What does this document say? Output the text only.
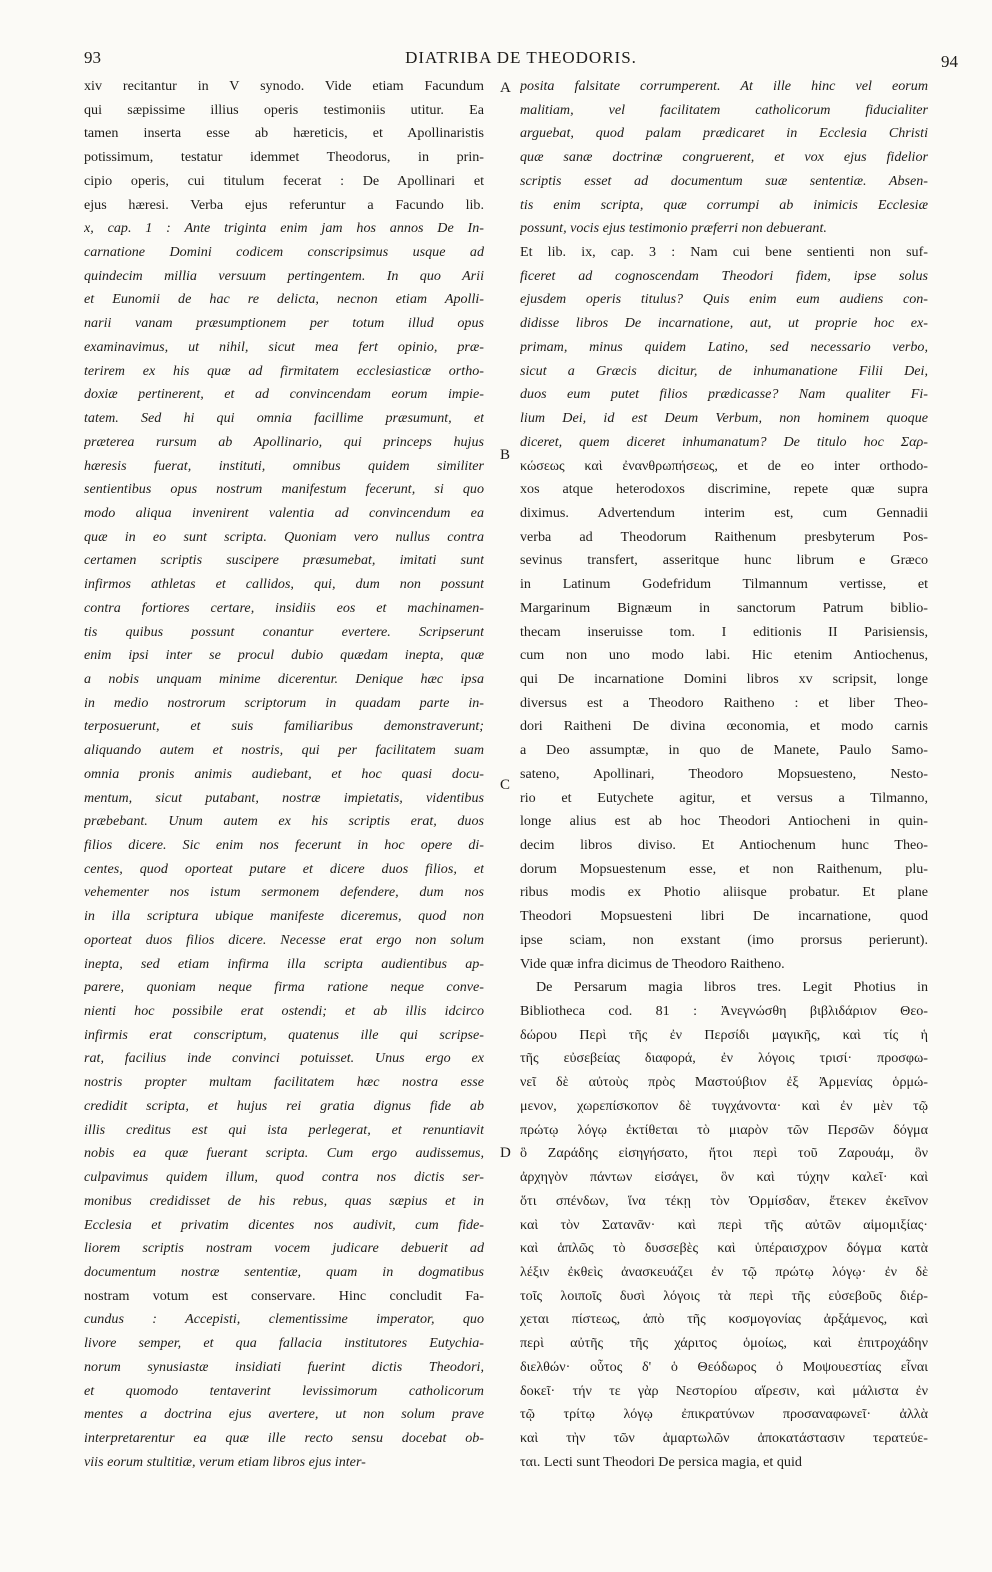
93	DIATRIBA DE THEODORIS.	94
xiv recitantur in V synodo. Vide etiam Facundum
qui sæpissime illius operis testimoniis utitur. Ea
tamen inserta esse ab hæreticis, et Apollinaristis
potissimum, testatur idemmet Theodorus, in prin-
cipio operis, cui titulum fecerat : De Apollinari et
ejus hæresi. Verba ejus referuntur a Facundo lib.
x, cap. 1 : Ante triginta enim jam hos annos De In-
carnatione Domini codicem conscripsimus usque ad
quindecim millia versuum pertingentem. In quo Arii
et Eunomii de hac re delicta, necnon etiam Apolli-
narii vanam præsumptionem per totum illud opus
examinavimus, ut nihil, sicut mea fert opinio, præ-
terirem ex his quæ ad firmitatem ecclesiasticæ ortho-
doxiæ pertinerent, et ad convincendam eorum impie-
tatem. Sed hi qui omnia facillime præsumunt, et
præterea rursum ab Apollinario, qui princeps hujus
hæresis fuerat, instituti, omnibus quidem similiter
sentientibus opus nostrum manifestum fecerunt, si quo
modo aliqua invenirent valentia ad convincendum ea
quæ in eo sunt scripta. Quoniam vero nullus contra
certamen scriptis suscipere præsumebat, imitati sunt
infirmos athletas et callidos, qui, dum non possunt
contra fortiores certare, insidiis eos et machinamen-
tis quibus possunt conantur evertere. Scripserunt
enim ipsi inter se procul dubio quædam inepta, quæ
a nobis unquam minime dicerentur. Denique hæc ipsa
in medio nostrorum scriptorum in quadam parte in-
terposuerunt, et suis familiaribus demonstraverunt;
aliquando autem et nostris, qui per facilitatem suam
omnia pronis animis audiebant, et hoc quasi docu-
mentum, sicut putabant, nostræ impietatis, videntibus
præbebant. Unum autem ex his scriptis erat, duos
filios dicere. Sic enim nos fecerunt in hoc opere di-
centes, quod oporteat putare et dicere duos filios, et
vehementer nos istum sermonem defendere, dum nos
in illa scriptura ubique manifeste diceremus, quod non
oporteat duos filios dicere. Necesse erat ergo non solum
inepta, sed etiam infirma illa scripta audientibus ap-
parere, quoniam neque firma ratione neque conve-
nienti hoc possibile erat ostendi; et ab illis idcirco
infirmis erat conscriptum, quatenus ille qui scripse-
rat, facilius inde convinci potuisset. Unus ergo ex
nostris propter multam facilitatem hæc nostra esse
credidit scripta, et hujus rei gratia dignus fide ab
illis creditus est qui ista perlegerat, et renuntiavit
nobis ea quæ fuerant scripta. Cum ergo audissemus,
culpavimus quidem illum, quod contra nos dictis ser-
monibus credidisset de his rebus, quas sæpius et in
Ecclesia et privatim dicentes nos audivit, cum fide-
liorem scriptis nostram vocem judicare debuerit ad
documentum nostræ sententiæ, quam in dogmatibus
nostram votum est conservare. Hinc concludit Fa-
cundus : Accepisti, clementissime imperator, quo
livore semper, et qua fallacia institutores Eutychia-
norum synusiastæ insidiati fuerint dictis Theodori,
et quomodo tentaverint levissimorum catholicorum
mentes a doctrina ejus avertere, ut non solum prave
interpretarentur ea quæ ille recto sensu docebat ob-
viis eorum stultitiæ, verum etiam libros ejus inter-
posita falsitate corrumperent. At ille hinc vel eorum
malitiam, vel facilitatem catholicorum fiducialiter
arguebat, quod palam prædicaret in Ecclesia Christi
quæ sanæ doctrinæ congruerent, et vox ejus fidelior
scriptis esset ad documentum suæ sententiæ. Absen-
tis enim scripta, quæ corrumpi ab inimicis Ecclesiæ
possunt, vocis ejus testimonio præferri non debuerant.
Et lib. ix, cap. 3 : Nam cui bene sentienti non suf-
ficeret ad cognoscendam Theodori fidem, ipse solus
ejusdem operis titulus? Quis enim eum audiens con-
didisse libros De incarnatione, aut, ut proprie hoc ex-
primam, minus quidem Latino, sed necessario verbo,
sicut a Græcis dicitur, de inhumanatione Filii Dei,
duos eum putet filios prædicasse? Nam qualiter Fi-
lium Dei, id est Deum Verbum, non hominem quoque
diceret, quem diceret inhumanatum? De titulo hoc Σαρ-
κώσεως καὶ ἐνανθρωπήσεως, et de eo inter orthodo-
xos atque heterodoxos discrimine, repete quæ supra
diximus. Advertendum interim est, cum Gennadii
verba ad Theodorum Raithenum presbyterum Pos-
sevinus transfert, asseritque hunc librum e Græco
in Latinum Godefridum Tilmannum vertisse, et
Margarinum Bignæum in sanctorum Patrum biblio-
thecam inseruisse tom. I editionis II Parisiensis,
cum non uno modo labi. Hic etenim Antiochenus,
qui De incarnatione Domini libros xv scripsit, longe
diversus est a Theodoro Raitheno : et liber Theo-
dori Raitheni De divina œconomia, et modo carnis
a Deo assumptæ, in quo de Manete, Paulo Samo-
sateno, Apollinari, Theodoro Mopsuesteno, Nesto-
rio et Eutychete agitur, et versus a Tilmanno,
longe alius est ab hoc Theodori Antiocheni in quin-
decim libros diviso. Et Antiochenum hunc Theo-
dorum Mopsuestenum esse, et non Raithenum, plu-
ribus modis ex Photio aliisque probatur. Et plane
Theodori Mopsuesteni libri De incarnatione, quod
ipse sciam, non exstant (imo prorsus perierunt).
Vide quæ infra dicimus de Theodoro Raitheno.
De Persarum magia libros tres. Legit Photius in
Bibliotheca cod. 81 : Ἀνεγνώσθη βιβλιδάριον Θεο-
δώρου Περὶ τῆς ἐν Περσίδι μαγικῆς, καὶ τίς ἡ
τῆς εὐσεβείας διαφορά, ἐν λόγοις τρισί· προσφω-
νεῖ δὲ αὐτοὺς πρὸς Μαστούβιον ἐξ Ἀρμενίας ὁρμώ-
μενον, χωρεπίσκοπον δὲ τυγχάνοντα· καὶ ἐν μὲν τῷ
πρώτῳ λόγῳ ἐκτίθεται τὸ μιαρὸν τῶν Περσῶν δόγμα
ὃ Ζαράδης εἰσηγήσατο, ἤτοι περὶ τοῦ Ζαρουάμ, ὃν
ἀρχηγὸν πάντων εἰσάγει, ὃν καὶ τύχην καλεῖ· καὶ
ὅτι σπένδων, ἵνα τέκῃ τὸν Ὁρμίσδαν, ἔτεκεν ἐκεῖνον
καὶ τὸν Σατανᾶν· καὶ περὶ τῆς αὐτῶν αἱμομιξίας·
καὶ ἁπλῶς τὸ δυσσεβὲς καὶ ὑπέραισχρον δόγμα κατὰ
λέξιν ἐκθεὶς ἀνασκευάζει ἐν τῷ πρώτῳ λόγῳ· ἐν δὲ
τοῖς λοιποῖς δυσὶ λόγοις τὰ περὶ τῆς εὐσεβοῦς διέρ-
χεται πίστεως, ἀπὸ τῆς κοσμογονίας ἀρξάμενος, καὶ
περὶ αὐτῆς τῆς χάριτος ὁμοίως, καὶ ἐπιτροχάδην
διελθών· οὗτος δ' ὁ Θεόδωρος ὁ Μοψουεστίας εἶναι
δοκεῖ· τήν τε γὰρ Νεστορίου αἵρεσιν, καὶ μάλιστα ἐν
τῷ τρίτῳ λόγῳ ἐπικρατύνων προσαναφωνεῖ· ἀλλὰ
καὶ τὴν τῶν ἁμαρτωλῶν ἀποκατάστασιν τερατεύε-
ται. Lecti sunt Theodori De persica magia, et quid
A
B
C
D
